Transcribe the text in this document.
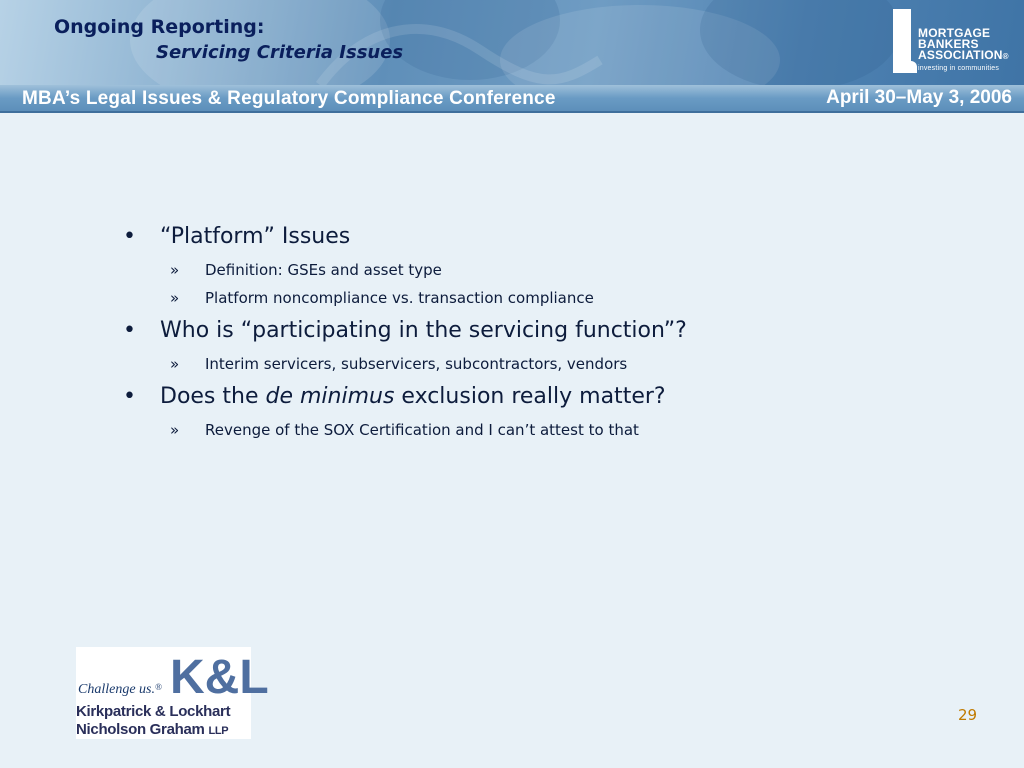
Ongoing Reporting:
Servicing Criteria Issues
MORTGAGE
BANKERS
ASSOCIATION®
investing in communities
MBA’s Legal Issues & Regulatory Compliance Conference	April 30–May 3, 2006
• “Platform” Issues
» Definition: GSEs and asset type
» Platform noncompliance vs. transaction compliance
• Who is “participating in the servicing function”?
» Interim servicers, subservicers, subcontractors, vendors
• Does the de minimus exclusion really matter?
» Revenge of the SOX Certification and I can’t attest to that
K&L
Challenge us.®
Kirkpatrick & Lockhart
Nicholson Graham LLP
29
